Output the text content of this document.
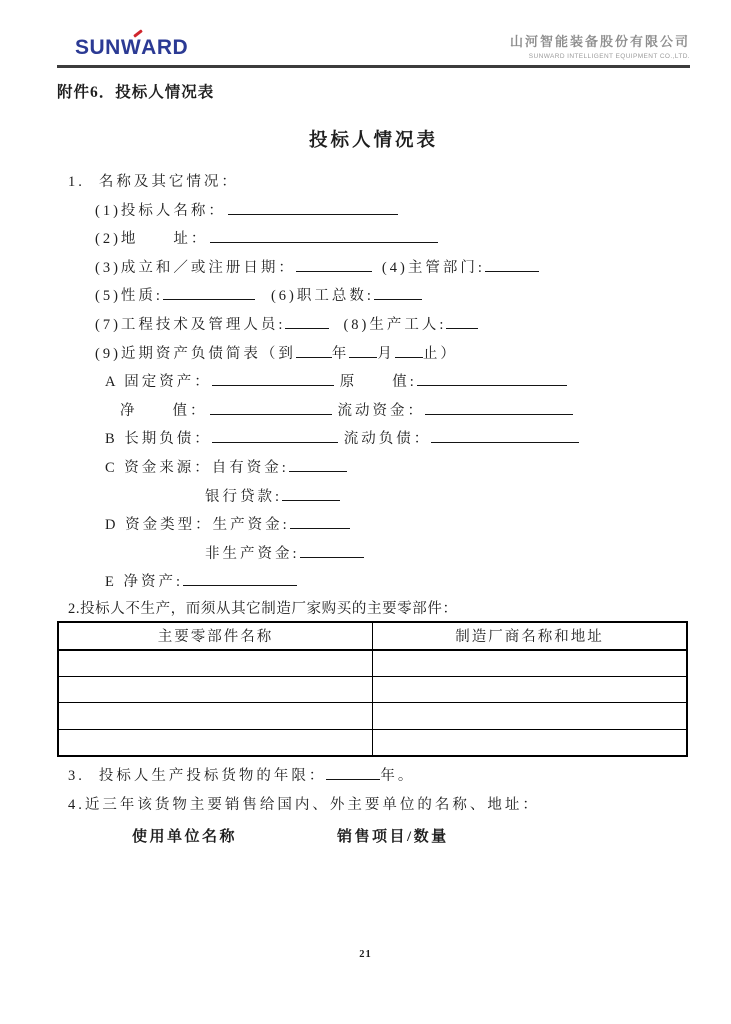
SUNW
ARD	山河智能装备股份有限公司
SUNWARD INTELLIGENT EQUIPMENT CO.,LTD.
附件6．投标人情况表
投标人情况表
1. 名称及其它情况：
(1)投标人名称：
(2)地　　址：
(3)成立和／或注册日期：	(4)主管部门:
(5)性质:	(6)职工总数:
(7)工程技术及管理人员:	(8)生产工人:
(9)近期资产负债简表（到 年 月 止）
A 固定资产：	原　　值:
净　　值：	流动资金：
B 长期负债：	流动负债：
C 资金来源：自有资金:
银行贷款:
D 资金类型：生产资金:
非生产资金:
E 净资产:
2.投标人不生产，而须从其它制造厂家购买的主要零部件：
主要零部件名称	制造厂商名称和地址

3. 投标人生产投标货物的年限：	年。
4.近三年该货物主要销售给国内、外主要单位的名称、地址：
使用单位名称	销售项目/数量
21
